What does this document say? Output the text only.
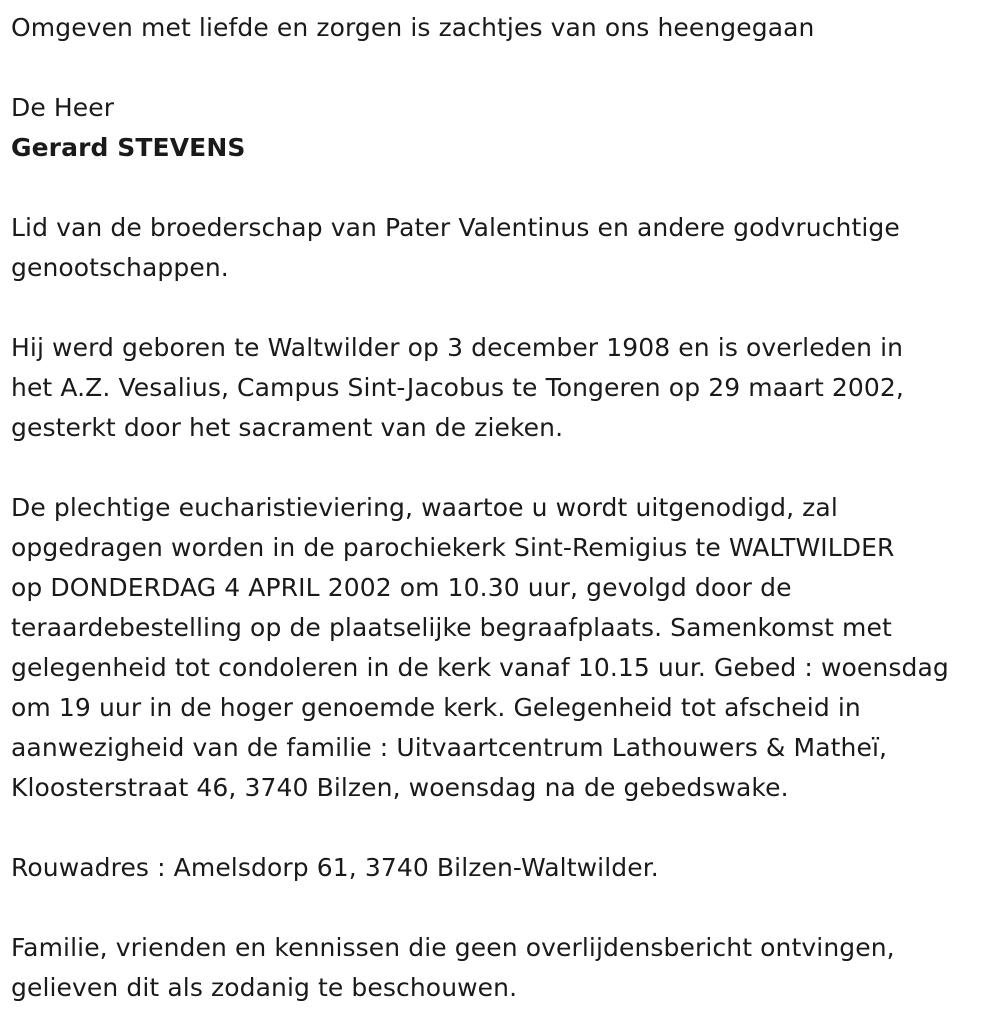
Omgeven met liefde en zorgen is zachtjes van ons heengegaan

De Heer

Gerard STEVENS

Lid van de broederschap van Pater Valentinus en andere godvruchtige

genootschappen.

Hij werd geboren te Waltwilder op 3 december 1908 en is overleden in

het A.Z. Vesalius, Campus Sint-Jacobus te Tongeren op 29 maart 2002,

gesterkt door het sacrament van de zieken.

De plechtige eucharistieviering, waartoe u wordt uitgenodigd, zal

opgedragen worden in de parochiekerk Sint-Remigius te WALTWILDER

op DONDERDAG 4 APRIL 2002 om 10.30 uur, gevolgd door de

teraardebestelling op de plaatselijke begraafplaats. Samenkomst met

gelegenheid tot condoleren in de kerk vanaf 10.15 uur. Gebed : woensdag

om 19 uur in de hoger genoemde kerk. Gelegenheid tot afscheid in

aanwezigheid van de familie : Uitvaartcentrum Lathouwers & Matheï,

Kloosterstraat 46, 3740 Bilzen, woensdag na de gebedswake.

Rouwadres : Amelsdorp 61, 3740 Bilzen-Waltwilder.

Familie, vrienden en kennissen die geen overlijdensbericht ontvingen,

gelieven dit als zodanig te beschouwen.
